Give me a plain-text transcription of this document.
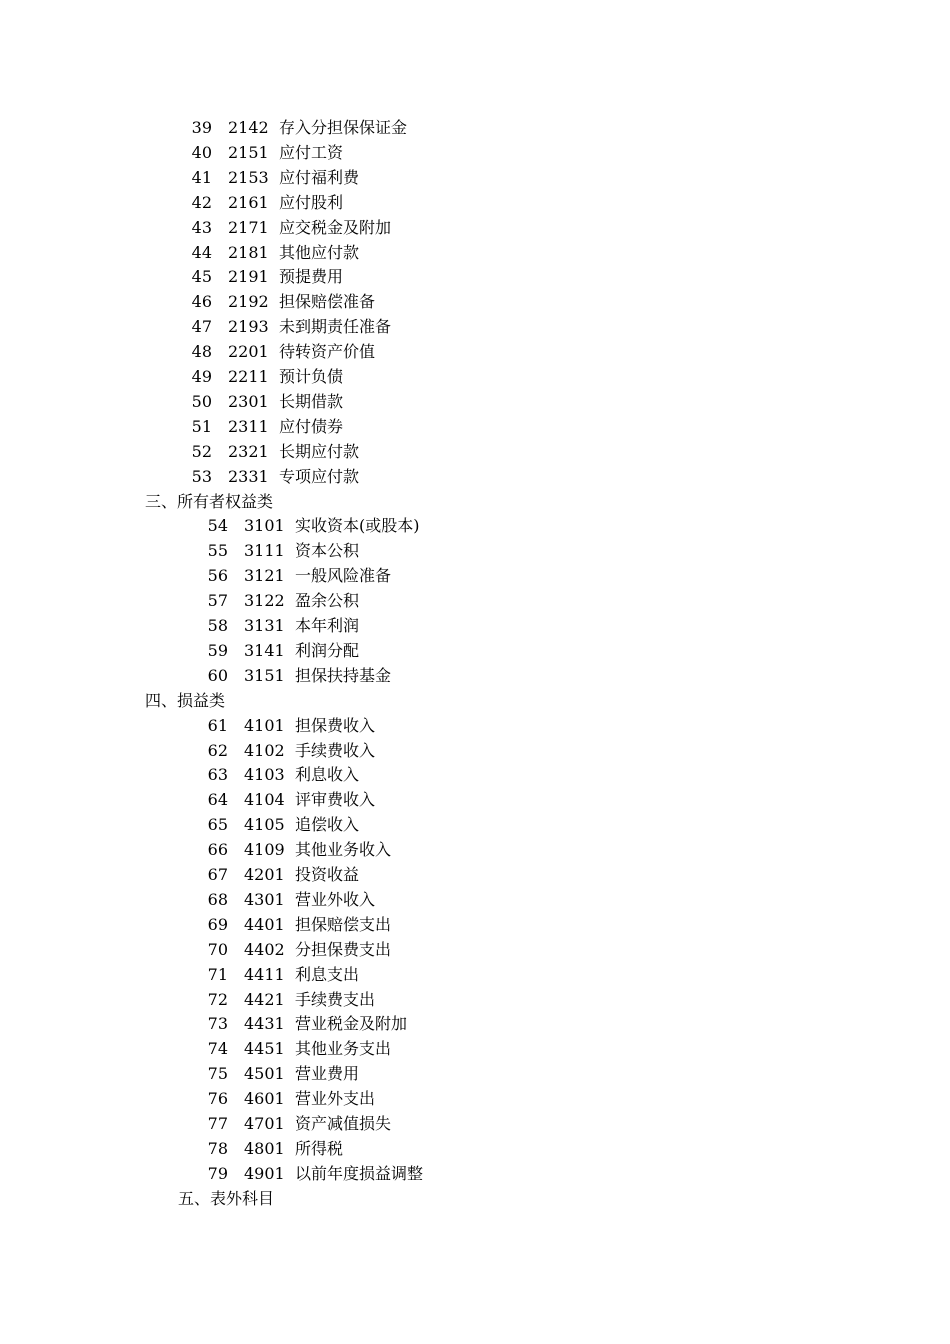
39 2142 存入分担保保证金
40 2151 应付工资
41 2153 应付福利费
42 2161 应付股利
43 2171 应交税金及附加
44 2181 其他应付款
45 2191 预提费用
46 2192 担保赔偿准备
47 2193 未到期责任准备
48 2201 待转资产价值
49 2211 预计负债
50 2301 长期借款
51 2311 应付债券
52 2321 长期应付款
53 2331 专项应付款
三、所有者权益类
54 3101 实收资本(或股本)
55 3111 资本公积
56 3121 一般风险准备
57 3122 盈余公积
58 3131 本年利润
59 3141 利润分配
60 3151 担保扶持基金
四、损益类
61 4101 担保费收入
62 4102 手续费收入
63 4103 利息收入
64 4104 评审费收入
65 4105 追偿收入
66 4109 其他业务收入
67 4201 投资收益
68 4301 营业外收入
69 4401 担保赔偿支出
70 4402 分担保费支出
71 4411 利息支出
72 4421 手续费支出
73 4431 营业税金及附加
74 4451 其他业务支出
75 4501 营业费用
76 4601 营业外支出
77 4701 资产减值损失
78 4801 所得税
79 4901 以前年度损益调整
五、表外科目
